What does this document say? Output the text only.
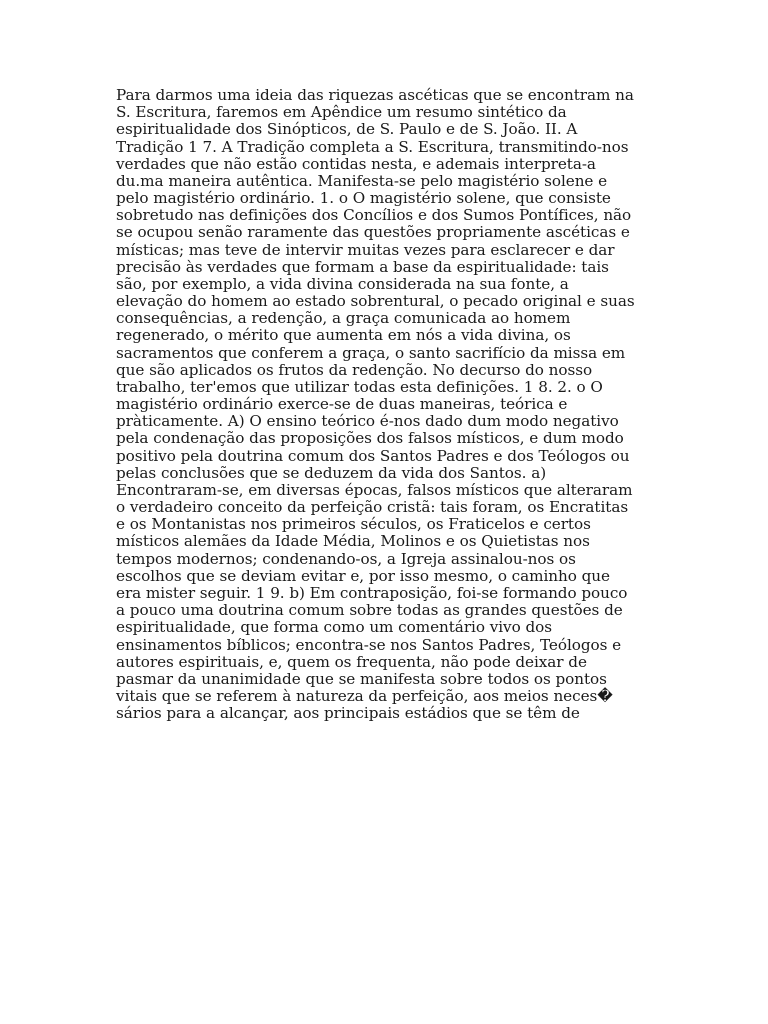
Para darmos uma ideia das riquezas ascéticas que se encontram na
S. Escritura, faremos em Apêndice um resumo sintético da
espiritualidade dos Sinópticos, de S. Paulo e de S. João. II. A
Tradição 1 7. A Tradição completa a S. Escritura, transmitindo-nos
verdades que não estão contidas nesta, e ademais interpreta-a
du.ma maneira autêntica. Manifesta-se pelo magistério solene e
pelo magistério ordinário. 1. o O magistério solene, que consiste
sobretudo nas definições dos Concílios e dos Sumos Pontífices, não
se ocupou senão raramente das questões propriamente ascéticas e
místicas; mas teve de intervir muitas vezes para esclarecer e dar
precisão às verdades que formam a base da espiritualidade: tais
são, por exemplo, a vida divina considerada na sua fonte, a
elevação do homem ao estado sobrentural, o pecado original e suas
consequências, a redenção, a graça comunicada ao homem
regenerado, o mérito que aumenta em nós a vida divina, os
sacramentos que conferem a graça, o santo sacrifício da missa em
que são aplicados os frutos da redenção. No decurso do nosso
trabalho, ter'emos que utilizar todas esta definições. 1 8. 2. o O
magistério ordinário exerce-se de duas maneiras, teórica e
pràticamente. A) O ensino teórico é-nos dado dum modo negativo
pela condenação das proposições dos falsos místicos, e dum modo
positivo pela doutrina comum dos Santos Padres e dos Teólogos ou
pelas conclusões que se deduzem da vida dos Santos. a)
Encontraram-se, em diversas épocas, falsos místicos que alteraram
o verdadeiro conceito da perfeição cristã: tais foram, os Encratitas
e os Montanistas nos primeiros séculos, os Fraticelos e certos
místicos alemães da Idade Média, Molinos e os Quietistas nos
tempos modernos; condenando-os, a Igreja assinalou-nos os
escolhos que se deviam evitar e, por isso mesmo, o caminho que
era mister seguir. 1 9. b) Em contraposição, foi-se formando pouco
a pouco uma doutrina comum sobre todas as grandes questões de
espiritualidade, que forma como um comentário vivo dos
ensinamentos bíblicos; encontra-se nos Santos Padres, Teólogos e
autores espirituais, e, quem os frequenta, não pode deixar de
pasmar da unanimidade que se manifesta sobre todos os pontos
vitais que se referem à natureza da perfeição, aos meios neces�
sários para a alcançar, aos principais estádios que se têm de
